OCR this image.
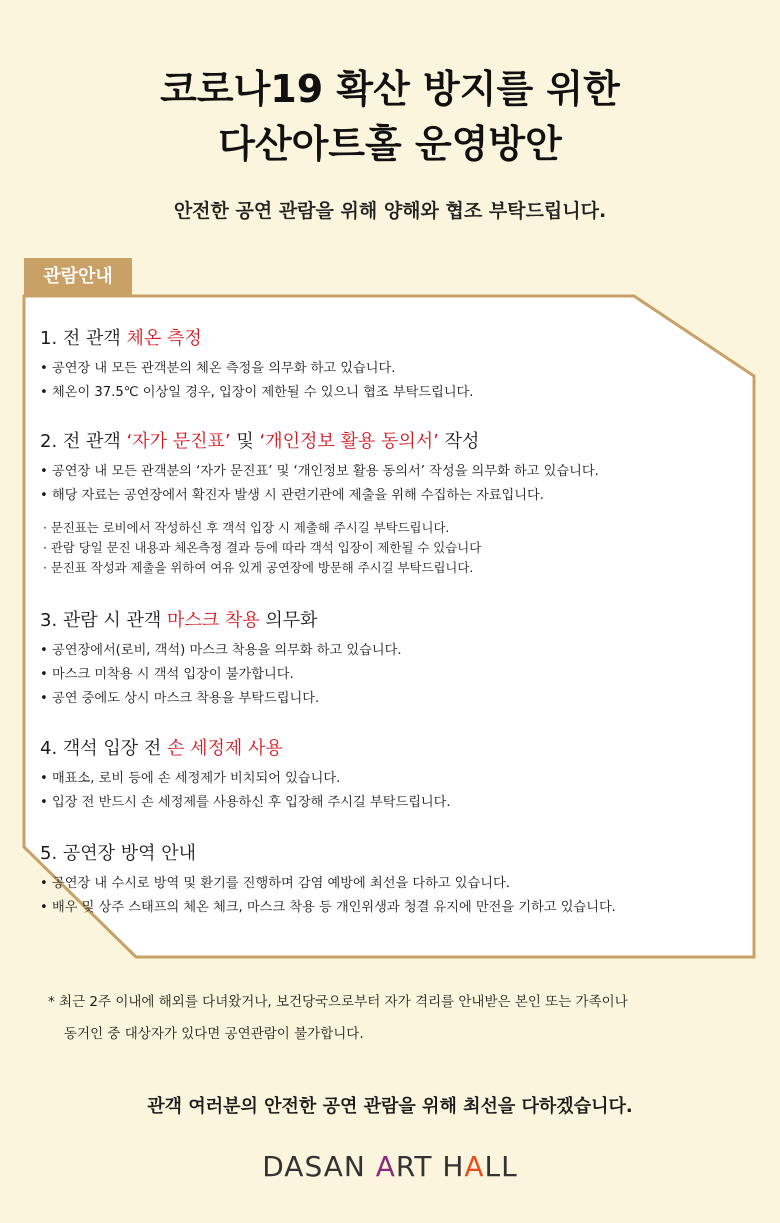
코로나19 확산 방지를 위한
다산아트홀 운영방안
안전한 공연 관람을 위해 양해와 협조 부탁드립니다.
관람안내
1. 전 관객 체온 측정
• 공연장 내 모든 관객분의 체온 측정을 의무화 하고 있습니다.
• 체온이 37.5℃ 이상일 경우, 입장이 제한될 수 있으니 협조 부탁드립니다.
2. 전 관객 ‘자가 문진표’ 및 ‘개인정보 활용 동의서’ 작성
• 공연장 내 모든 관객분의 ‘자가 문진표’ 및 ‘개인정보 활용 동의서’ 작성을 의무화 하고 있습니다.
• 해당 자료는 공연장에서 확진자 발생 시 관련기관에 제출을 위해 수집하는 자료입니다.
· 문진표는 로비에서 작성하신 후 객석 입장 시 제출해 주시길 부탁드립니다.
· 관람 당일 문진 내용과 체온측정 결과 등에 따라 객석 입장이 제한될 수 있습니다
· 문진표 작성과 제출을 위하여 여유 있게 공연장에 방문해 주시길 부탁드립니다.
3. 관람 시 관객 마스크 착용 의무화
• 공연장에서(로비, 객석) 마스크 착용을 의무화 하고 있습니다.
• 마스크 미착용 시 객석 입장이 불가합니다.
• 공연 중에도 상시 마스크 착용을 부탁드립니다.
4. 객석 입장 전 손 세정제 사용
• 매표소, 로비 등에 손 세정제가 비치되어 있습니다.
• 입장 전 반드시 손 세정제를 사용하신 후 입장해 주시길 부탁드립니다.
5. 공연장 방역 안내
• 공연장 내 수시로 방역 및 환기를 진행하며 감염 예방에 최선을 다하고 있습니다.
• 배우 및 상주 스태프의 체온 체크, 마스크 착용 등 개인위생과 청결 유지에 만전을 기하고 있습니다.
* 최근 2주 이내에 해외를 다녀왔거나, 보건당국으로부터 자가 격리를 안내받은 본인 또는 가족이나
동거인 중 대상자가 있다면 공연관람이 불가합니다.
관객 여러분의 안전한 공연 관람을 위해 최선을 다하겠습니다.
DASAN ART HALL
